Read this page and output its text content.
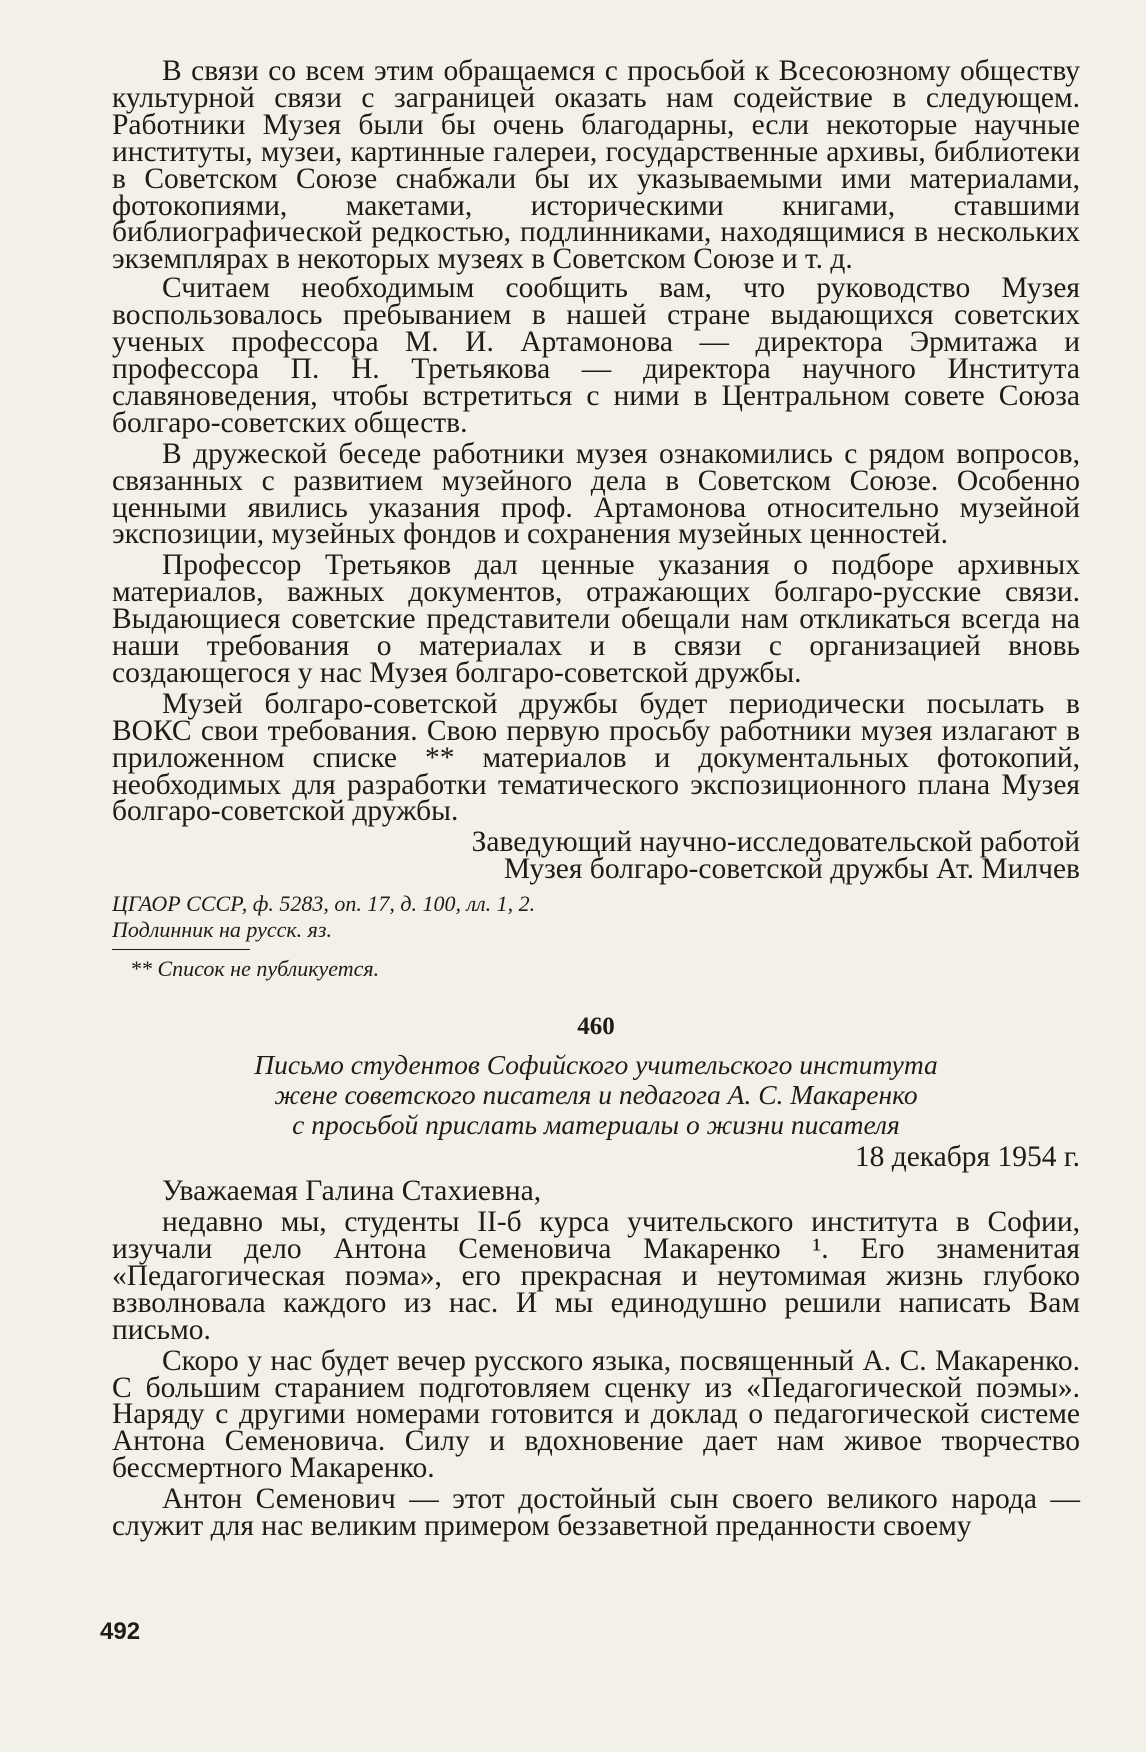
В связи со всем этим обращаемся с просьбой к Всесоюзному обществу культурной связи с заграницей оказать нам содействие в следующем. Работники Музея были бы очень благодарны, если некоторые научные институты, музеи, картинные галереи, государственные архивы, библиотеки в Советском Союзе снабжали бы их указываемыми ими материалами, фотокопиями, макетами, историческими книгами, ставшими библиографической редкостью, подлинниками, находящимися в нескольких экземплярах в некоторых музеях в Советском Союзе и т. д.

Считаем необходимым сообщить вам, что руководство Музея воспользовалось пребыванием в нашей стране выдающихся советских ученых профессора М. И. Артамонова — директора Эрмитажа и профессора П. Н. Третьякова — директора научного Института славяноведения, чтобы встретиться с ними в Центральном совете Союза болгаро-советских обществ.

В дружеской беседе работники музея ознакомились с рядом вопросов, связанных с развитием музейного дела в Советском Союзе. Особенно ценными явились указания проф. Артамонова относительно музейной экспозиции, музейных фондов и сохранения музейных ценностей.

Профессор Третьяков дал ценные указания о подборе архивных материалов, важных документов, отражающих болгаро-русские связи. Выдающиеся советские представители обещали нам откликаться всегда на наши требования о материалах и в связи с организацией вновь создающегося у нас Музея болгаро-советской дружбы.

Музей болгаро-советской дружбы будет периодически посылать в ВОКС свои требования. Свою первую просьбу работники музея излагают в приложенном списке ** материалов и документальных фотокопий, необходимых для разработки тематического экспозиционного плана Музея болгаро-советской дружбы.

Заведующий научно-исследовательской работой

Музея болгаро-советской дружбы Ат. Милчев

ЦГАОР СССР, ф. 5283, оп. 17, д. 100, лл. 1, 2.

Подлинник на русск. яз.

** Список не публикуется.

460

Письмо студентов Софийского учительского института

жене советского писателя и педагога А. С. Макаренко

с просьбой прислать материалы о жизни писателя

18 декабря 1954 г.

Уважаемая Галина Стахиевна,

недавно мы, студенты II-б курса учительского института в Софии, изучали дело Антона Семеновича Макаренко ¹. Его знаменитая «Педагогическая поэма», его прекрасная и неутомимая жизнь глубоко взволновала каждого из нас. И мы единодушно решили написать Вам письмо.

Скоро у нас будет вечер русского языка, посвященный А. С. Макаренко. С большим старанием подготовляем сценку из «Педагогической поэмы». Наряду с другими номерами готовится и доклад о педагогической системе Антона Семеновича. Силу и вдохновение дает нам живое творчество бессмертного Макаренко.

Антон Семенович — этот достойный сын своего великого народа — служит для нас великим примером беззаветной преданности своему

492
